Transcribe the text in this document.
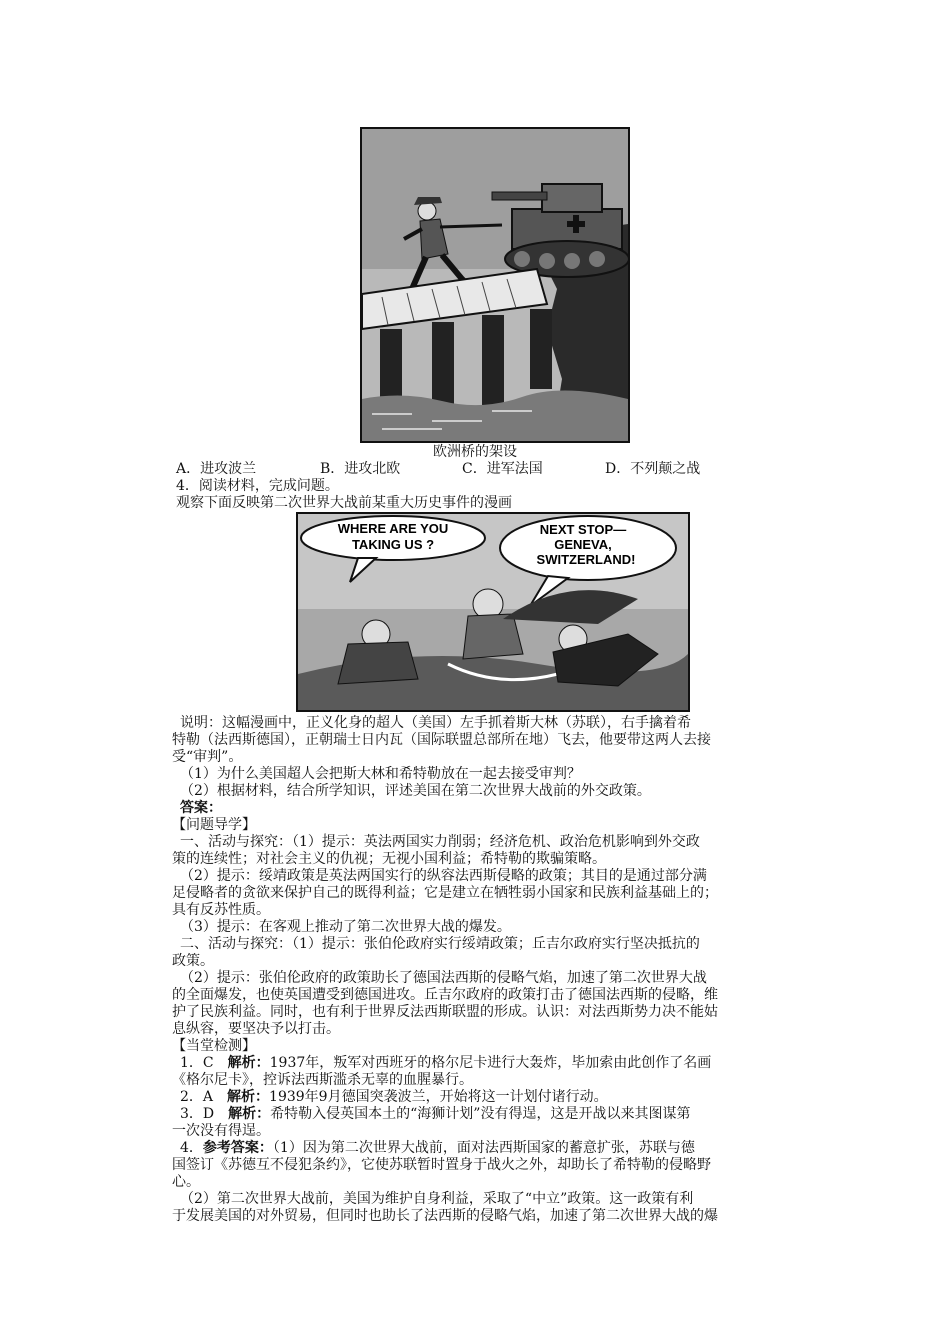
欧洲桥的架设
A．进攻波兰	B．进攻北欧	C．进军法国	D．不列颠之战
4．阅读材料，完成问题。
观察下面反映第二次世界大战前某重大历史事件的漫画
WHERE ARE YOU
TAKING US ?
NEXT STOP—
GENEVA,
SWITZERLAND!
说明：这幅漫画中，正义化身的超人（美国）左手抓着斯大林（苏联），右手擒着希
特勒（法西斯德国），正朝瑞士日内瓦（国际联盟总部所在地）飞去，他要带这两人去接
受“审判”。
（1）为什么美国超人会把斯大林和希特勒放在一起去接受审判？
（2）根据材料，结合所学知识，评述美国在第二次世界大战前的外交政策。
答案：
【问题导学】
一、活动与探究：（1）提示：英法两国实力削弱；经济危机、政治危机影响到外交政
策的连续性；对社会主义的仇视；无视小国利益；希特勒的欺骗策略。
（2）提示：绥靖政策是英法两国实行的纵容法西斯侵略的政策；其目的是通过部分满
足侵略者的贪欲来保护自己的既得利益；它是建立在牺牲弱小国家和民族利益基础上的；
具有反苏性质。
（3）提示：在客观上推动了第二次世界大战的爆发。
二、活动与探究：（1）提示：张伯伦政府实行绥靖政策；丘吉尔政府实行坚决抵抗的
政策。
（2）提示：张伯伦政府的政策助长了德国法西斯的侵略气焰，加速了第二次世界大战
的全面爆发，也使英国遭受到德国进攻。丘吉尔政府的政策打击了德国法西斯的侵略，维
护了民族利益。同时，也有利于世界反法西斯联盟的形成。认识：对法西斯势力决不能姑
息纵容，要坚决予以打击。
【当堂检测】
1．C　解析：1937年，叛军对西班牙的格尔尼卡进行大轰炸，毕加索由此创作了名画
《格尔尼卡》，控诉法西斯滥杀无辜的血腥暴行。
2．A　解析：1939年9月德国突袭波兰，开始将这一计划付诸行动。
3．D　解析：希特勒入侵英国本土的“海狮计划”没有得逞，这是开战以来其图谋第
一次没有得逞。
4．参考答案：（1）因为第二次世界大战前，面对法西斯国家的蓄意扩张，苏联与德
国签订《苏德互不侵犯条约》，它使苏联暂时置身于战火之外，却助长了希特勒的侵略野
心。
（2）第二次世界大战前，美国为维护自身利益，采取了“中立”政策。这一政策有利
于发展美国的对外贸易，但同时也助长了法西斯的侵略气焰，加速了第二次世界大战的爆
